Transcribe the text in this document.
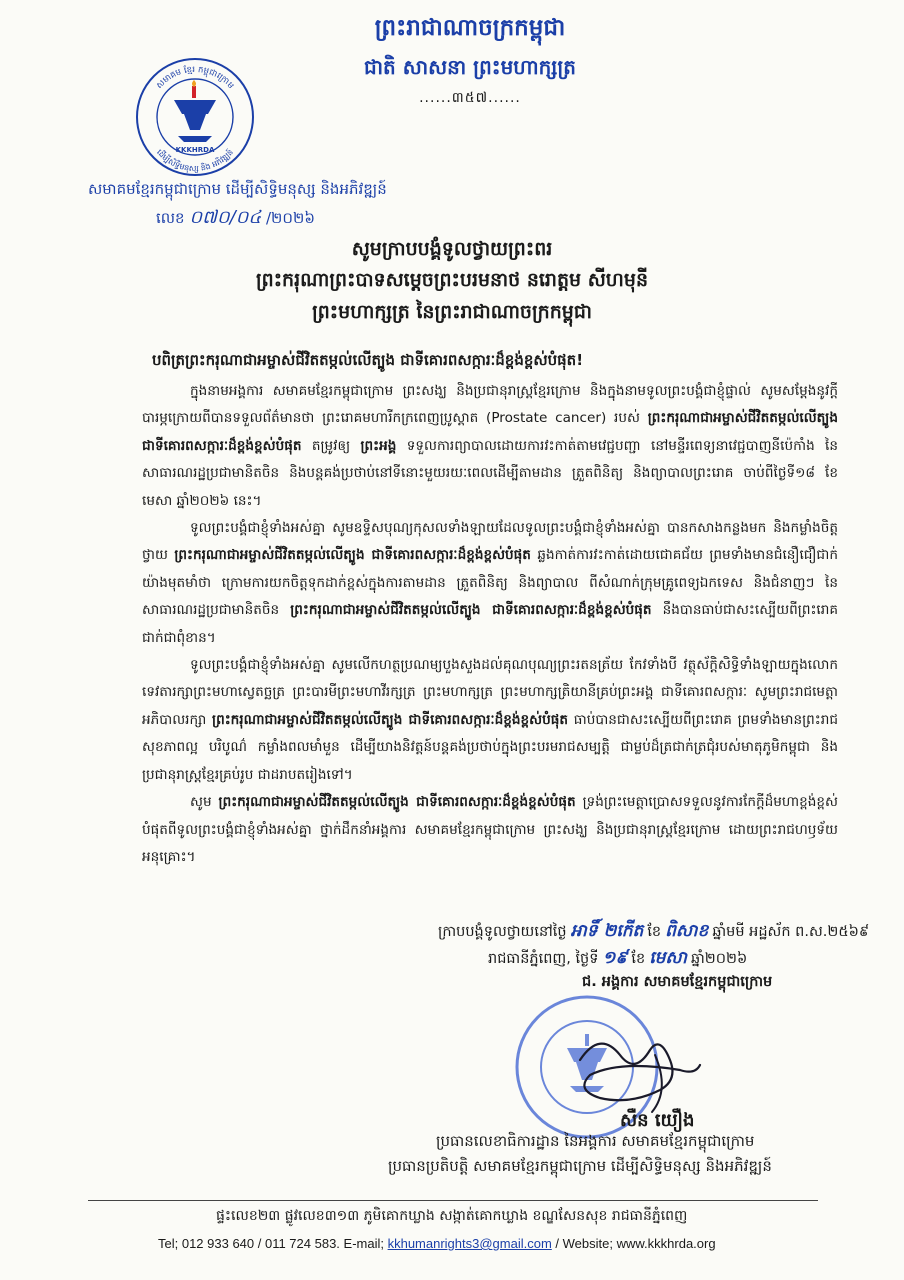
ព្រះរាជាណាចក្រកម្ពុជា
ជាតិ សាសនា ព្រះមហាក្សត្រ
......៣៥៧......
សមាគម ខ្មែរ កម្ពុជាក្រោម
ដើម្បីសិទ្ធិមនុស្ស និង អភិវឌ្ឍន៍
KKKHRDA
សមាគមខ្មែរកម្ពុជាក្រោម ដើម្បីសិទ្ធិមនុស្ស និងអភិវឌ្ឍន៍
លេខ ០៧០/០៤ /២០២៦
សូមក្រាបបង្គំទូលថ្វាយព្រះពរ
ព្រះករុណាព្រះបាទសម្តេចព្រះបរមនាថ នរោត្តម សីហមុនី
ព្រះមហាក្សត្រ នៃព្រះរាជាណាចក្រកម្ពុជា
បពិត្រព្រះករុណាជាអម្ចាស់ជីវិតតម្កល់លើត្បូង ជាទីគោរពសក្ការៈដ៏ខ្ពង់ខ្ពស់បំផុត!

ក្នុងនាមអង្គការ សមាគមខ្មែរកម្ពុជាក្រោម ព្រះសង្ឃ និងប្រជានុរាស្ត្រខ្មែរក្រោម និងក្នុងនាមទូលព្រះបង្គំជាខ្ញុំផ្ទាល់ សូមសម្តែងនូវក្តីបារម្ភក្រោយពីបានទទួលព័ត៌មានថា ព្រះរោគមហារីកក្រពេញប្រូស្តាត (Prostate cancer) របស់ ព្រះករុណាជាអម្ចាស់ជីវិតតម្កល់លើត្បូង ជាទីគោរពសក្ការៈដ៏ខ្ពង់ខ្ពស់បំផុត តម្រូវឲ្យ ព្រះអង្គ ទទួលការព្យាបាលដោយការវះកាត់តាមវេជ្ជបញ្ជា នៅមន្ទីរពេទ្យនាវេជ្ជបាញនីប៉េកាំង នៃសាធារណរដ្ឋប្រជាមានិតចិន និងបន្តគង់ប្រថាប់នៅទីនោះមួយរយៈពេលដើម្បីតាមដាន ត្រួតពិនិត្យ និងព្យាបាលព្រះរោគ ចាប់ពីថ្ងៃទី១៨ ខែមេសា ឆ្នាំ២០២៦ នេះ។

ទូលព្រះបង្គំជាខ្ញុំទាំងអស់គ្នា សូមឧទ្ទិសបុណ្យកុសលទាំងឡាយដែលទូលព្រះបង្គំជាខ្ញុំទាំងអស់គ្នា បានកសាងកន្លងមក និងកម្លាំងចិត្ត ថ្វាយ ព្រះករុណាជាអម្ចាស់ជីវិតតម្កល់លើត្បូង ជាទីគោរពសក្ការៈដ៏ខ្ពង់ខ្ពស់បំផុត ឆ្លងកាត់ការវះកាត់ដោយជោគជ័យ ព្រមទាំងមានជំនឿជឿជាក់យ៉ាងមុតមាំថា ក្រោមការយកចិត្តទុកដាក់ខ្ពស់ក្នុងការតាមដាន ត្រួតពិនិត្យ និងព្យាបាល ពីសំណាក់ក្រុមគ្រូពេទ្យឯកទេស និងជំនាញៗ នៃសាធារណរដ្ឋប្រជាមានិតចិន ព្រះករុណាជាអម្ចាស់ជីវិតតម្កល់លើត្បូង ជាទីគោរពសក្ការៈដ៏ខ្ពង់ខ្ពស់បំផុត នឹងបានធាប់ជាសះស្បើយពីព្រះរោគជាក់ជាពុំខាន។

ទូលព្រះបង្គំជាខ្ញុំទាំងអស់គ្នា សូមលើកហត្ថប្រណម្យបួងសួងដល់គុណបុណ្យព្រះរតនត្រ័យ កែវទាំងបី វត្ថុស័ក្តិសិទ្ធិទាំងឡាយក្នុងលោក ទេវតារក្សាព្រះមហាស្វេតច្ឆត្រ ព្រះបារមីព្រះមហាវីរក្សត្រ ព្រះមហាក្សត្រ ព្រះមហាក្សត្រិយានីគ្រប់ព្រះអង្គ ជាទីគោរពសក្ការៈ សូមព្រះរាជមេត្តាអភិបាលរក្សា ព្រះករុណាជាអម្ចាស់ជីវិតតម្កល់លើត្បូង ជាទីគោរពសក្ការៈដ៏ខ្ពង់ខ្ពស់បំផុត ធាប់បានជាសះស្បើយពីព្រះរោគ ព្រមទាំងមានព្រះរាជសុខភាពល្អ បរិបូណ៌ កម្លាំងពលមាំមួន ដើម្បីយាងនិវត្តន៍បន្តគង់ប្រថាប់ក្នុងព្រះបរមរាជសម្បត្តិ ជាម្លប់ដ៏ត្រជាក់ត្រជុំរបស់មាតុភូមិកម្ពុជា និងប្រជានុរាស្ត្រខ្មែរគ្រប់រូប ជាដរាបតរៀងទៅ។

សូម ព្រះករុណាជាអម្ចាស់ជីវិតតម្កល់លើត្បូង ជាទីគោរពសក្ការៈដ៏ខ្ពង់ខ្ពស់បំផុត ទ្រង់ព្រះមេត្តាប្រោសទទួលនូវការកែក្តីដ៏មហាខ្ពង់ខ្ពស់បំផុតពីទូលព្រះបង្គំជាខ្ញុំទាំងអស់គ្នា ថ្នាក់ដឹកនាំអង្គការ សមាគមខ្មែរកម្ពុជាក្រោម ព្រះសង្ឃ និងប្រជានុរាស្ត្រខ្មែរក្រោម ដោយព្រះរាជហឫទ័យអនុគ្រោះ។

ក្រាបបង្គំទូលថ្វាយនៅថ្ងៃ អាទិ៍ ២កើត ខែ ពិសាខ ឆ្នាំមមី អដ្ឋស័ក ព.ស.២៥៦៩
រាជធានីភ្នំពេញ, ថ្ងៃទី ១៩ ខែ មេសា ឆ្នាំ២០២៦
ជ. អង្គការ សមាគមខ្មែរកម្ពុជាក្រោម
សឺន យឿង
ប្រធានលេខាធិការដ្ឋាន នៃអង្គការ សមាគមខ្មែរកម្ពុជាក្រោម
ប្រធានប្រតិបត្តិ សមាគមខ្មែរកម្ពុជាក្រោម ដើម្បីសិទ្ធិមនុស្ស និងអភិវឌ្ឍន៍
ផ្ទះលេខ២៣ ផ្លូវលេខ៣១៣ ភូមិគោកឃ្លាង សង្កាត់គោកឃ្លាង ខណ្ឌសែនសុខ រាជធានីភ្នំពេញ
Tel; 012 933 640 / 011 724 583. E-mail; kkhumanrights3@gmail.com / Website; www.kkkhrda.org
